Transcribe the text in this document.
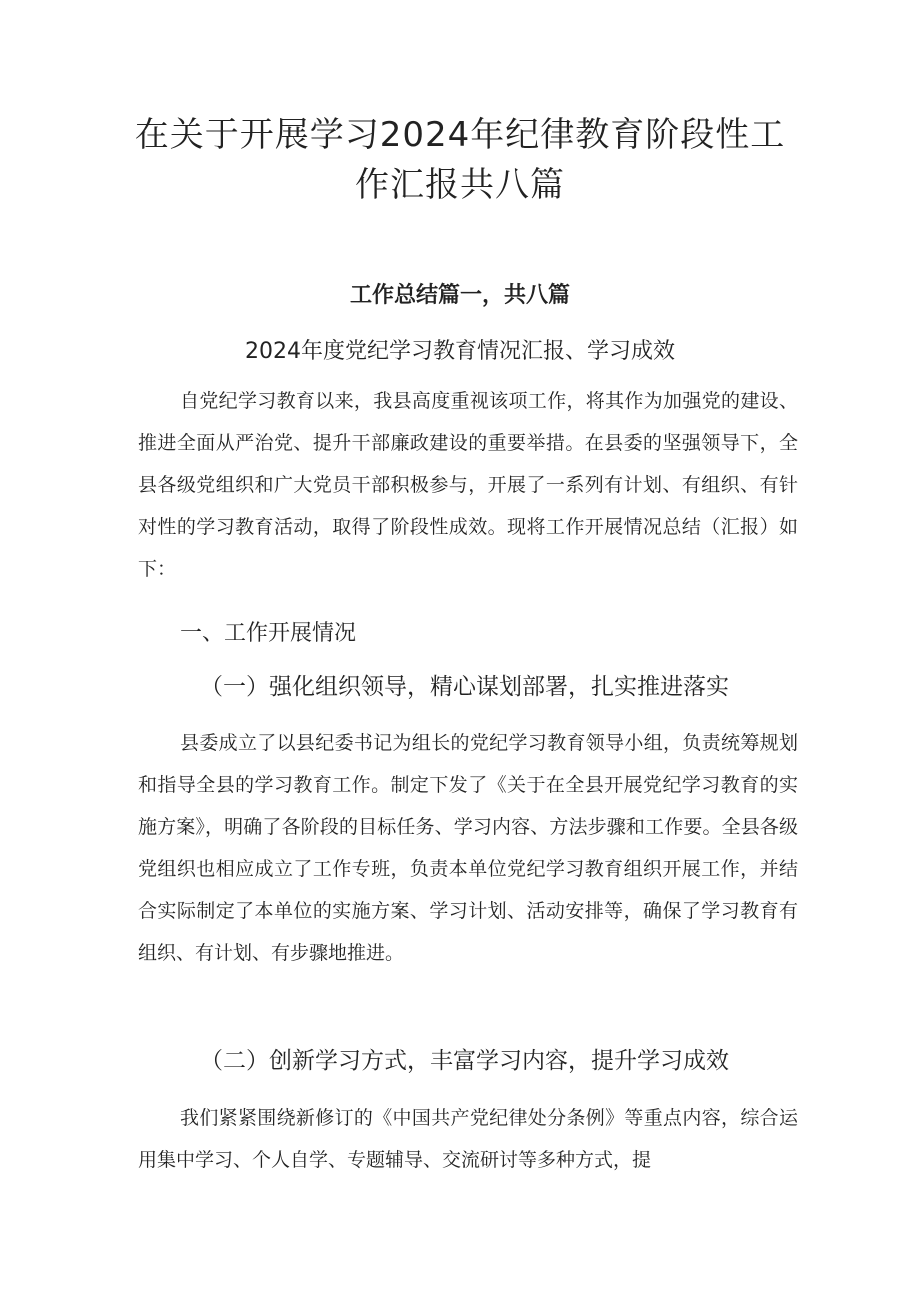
在关于开展学习2024年纪律教育阶段性工
作汇报共八篇
工作总结篇一，共八篇
2024年度党纪学习教育情况汇报、学习成效

自党纪学习教育以来，我县高度重视该项工作，将其作为加强党的建设、推进全面从严治党、提升干部廉政建设的重要举措。在县委的坚强领导下，全县各级党组织和广大党员干部积极参与，开展了一系列有计划、有组织、有针对性的学习教育活动，取得了阶段性成效。现将工作开展情况总结（汇报）如下：

一、工作开展情况
（一）强化组织领导，精心谋划部署，扎实推进落实

县委成立了以县纪委书记为组长的党纪学习教育领导小组，负责统筹规划和指导全县的学习教育工作。制定下发了《关于在全县开展党纪学习教育的实施方案》，明确了各阶段的目标任务、学习内容、方法步骤和工作要。全县各级党组织也相应成立了工作专班，负责本单位党纪学习教育组织开展工作，并结合实际制定了本单位的实施方案、学习计划、活动安排等，确保了学习教育有组织、有计划、有步骤地推进。

（二）创新学习方式，丰富学习内容，提升学习成效

我们紧紧围绕新修订的《中国共产党纪律处分条例》等重点内容，综合运用集中学习、个人自学、专题辅导、交流研讨等多种方式，提
